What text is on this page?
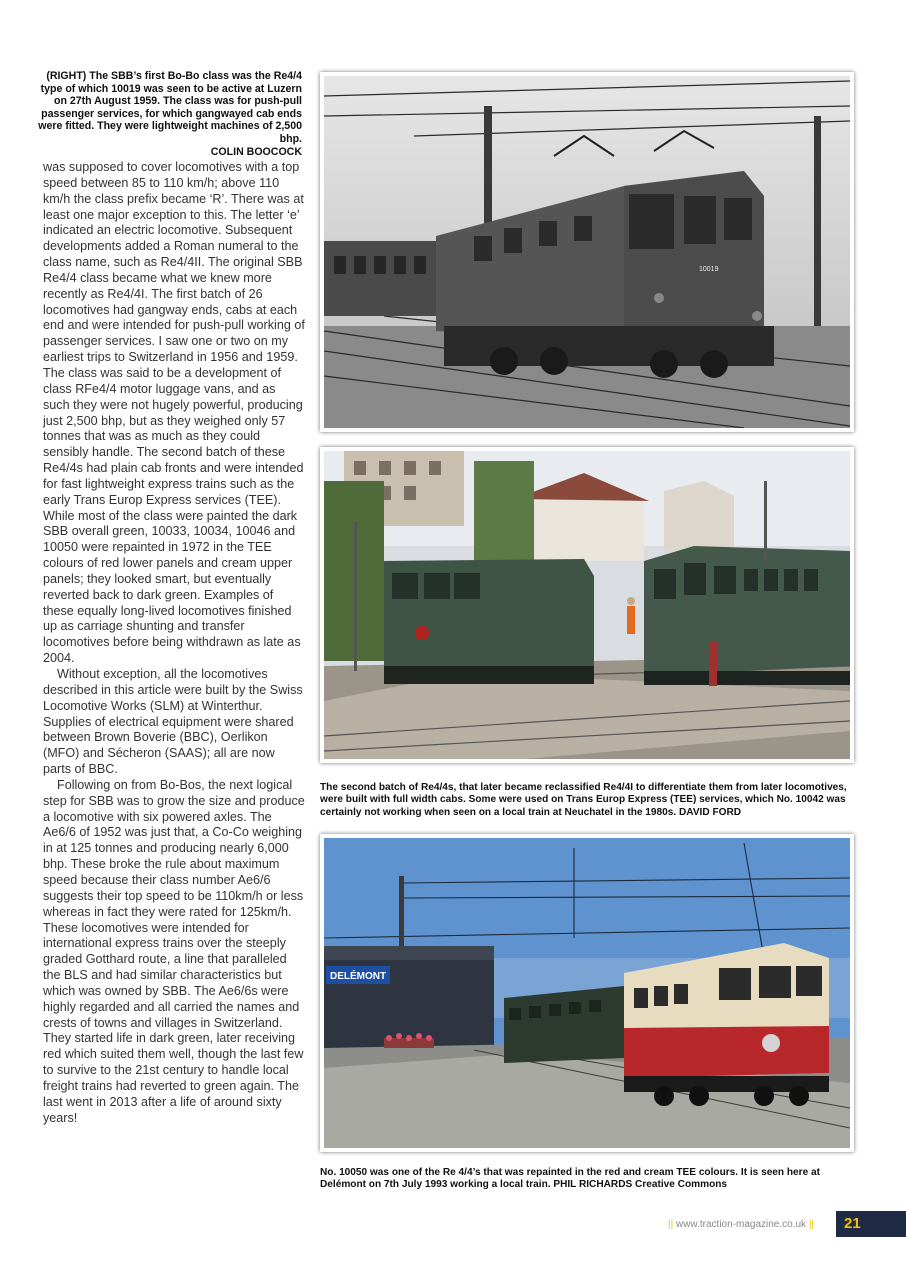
(RIGHT) The SBB’s first Bo-Bo class was the Re4/4 type of which 10019 was seen to be active at Luzern on 27th August 1959. The class was for push-pull passenger services, for which gangwayed cab ends were fitted. They were lightweight machines of 2,500 bhp.
COLIN BOOCOCK

was supposed to cover locomotives with a top speed between 85 to 110 km/h; above 110 km/h the class prefix became ‘R’. There was at least one major exception to this. The letter ‘e’ indicated an electric locomotive. Subsequent developments added a Roman numeral to the class name, such as Re4/4II. The original SBB Re4/4 class became what we knew more recently as Re4/4I. The first batch of 26 locomotives had gangway ends, cabs at each end and were intended for push-pull working of passenger services. I saw one or two on my earliest trips to Switzerland in 1956 and 1959. The class was said to be a development of class RFe4/4 motor luggage vans, and as such they were not hugely powerful, producing just 2,500 bhp, but as they weighed only 57 tonnes that was as much as they could sensibly handle. The second batch of these Re4/4s had plain cab fronts and were intended for fast lightweight express trains such as the early Trans Europ Express services (TEE). While most of the class were painted the dark SBB overall green, 10033, 10034, 10046 and 10050 were repainted in 1972 in the TEE colours of red lower panels and cream upper panels; they looked smart, but eventually reverted back to dark green. Examples of these equally long-lived locomotives finished up as carriage shunting and transfer locomotives before being withdrawn as late as 2004.

Without exception, all the locomotives described in this article were built by the Swiss Locomotive Works (SLM) at Winterthur. Supplies of electrical equipment were shared between Brown Boverie (BBC), Oerlikon (MFO) and Sécheron (SAAS); all are now parts of BBC.

Following on from Bo-Bos, the next logical step for SBB was to grow the size and produce a locomotive with six powered axles. The Ae6/6 of 1952 was just that, a Co-Co weighing in at 125 tonnes and producing nearly 6,000 bhp. These broke the rule about maximum speed because their class number Ae6/6 suggests their top speed to be 110km/h or less whereas in fact they were rated for 125km/h. These locomotives were intended for international express trains over the steeply graded Gotthard route, a line that paralleled the BLS and had similar characteristics but which was owned by SBB. The Ae6/6s were highly regarded and all carried the names and crests of towns and villages in Switzerland. They started life in dark green, later receiving red which suited them well, though the last few to survive to the 21st century to handle local freight trains had reverted to green again. The last went in 2013 after a life of around sixty years!

10019
The second batch of Re4/4s, that later became reclassified Re4/4I to differentiate them from later locomotives, were built with full width cabs. Some were used on Trans Europ Express (TEE) services, which No. 10042 was certainly not working when seen on a local train at Neuchatel in the 1980s. DAVID FORD
DELÉMONT
No. 10050 was one of the Re 4/4’s that was repainted in the red and cream TEE colours. It is seen here at Delémont on 7th July 1993 working a local train. PHIL RICHARDS Creative Commons
|| www.traction-magazine.co.uk ||	21
